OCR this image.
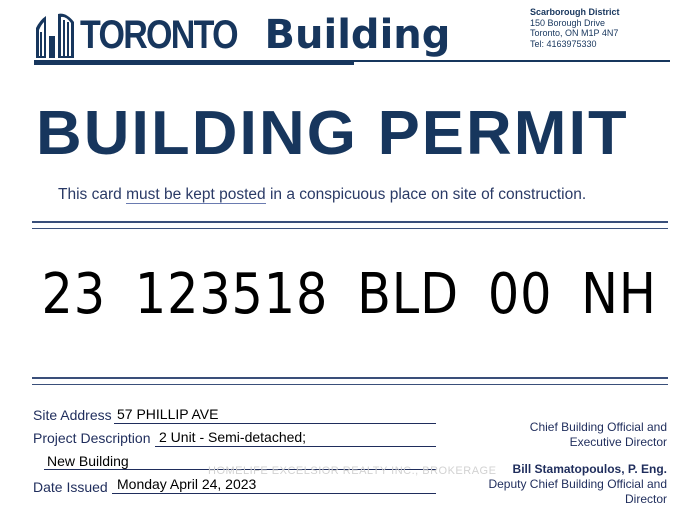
TORONTO Building	Scarborough District
150 Borough Drive
Toronto, ON M1P 4N7
Tel: 4163975330
BUILDING PERMIT
This card must be kept posted in a conspicuous place on site of construction.
23 123518 BLD 00 NH
Site Address 57 PHILLIP AVE
Project Description 2 Unit - Semi-detached;
New Building
Date Issued Monday April 24, 2023
HOMELIFE EXCELSIOR REALTY INC., BROKERAGE
Chief Building Official and
Executive Director
Bill Stamatopoulos, P. Eng.
Deputy Chief Building Official and
Director
